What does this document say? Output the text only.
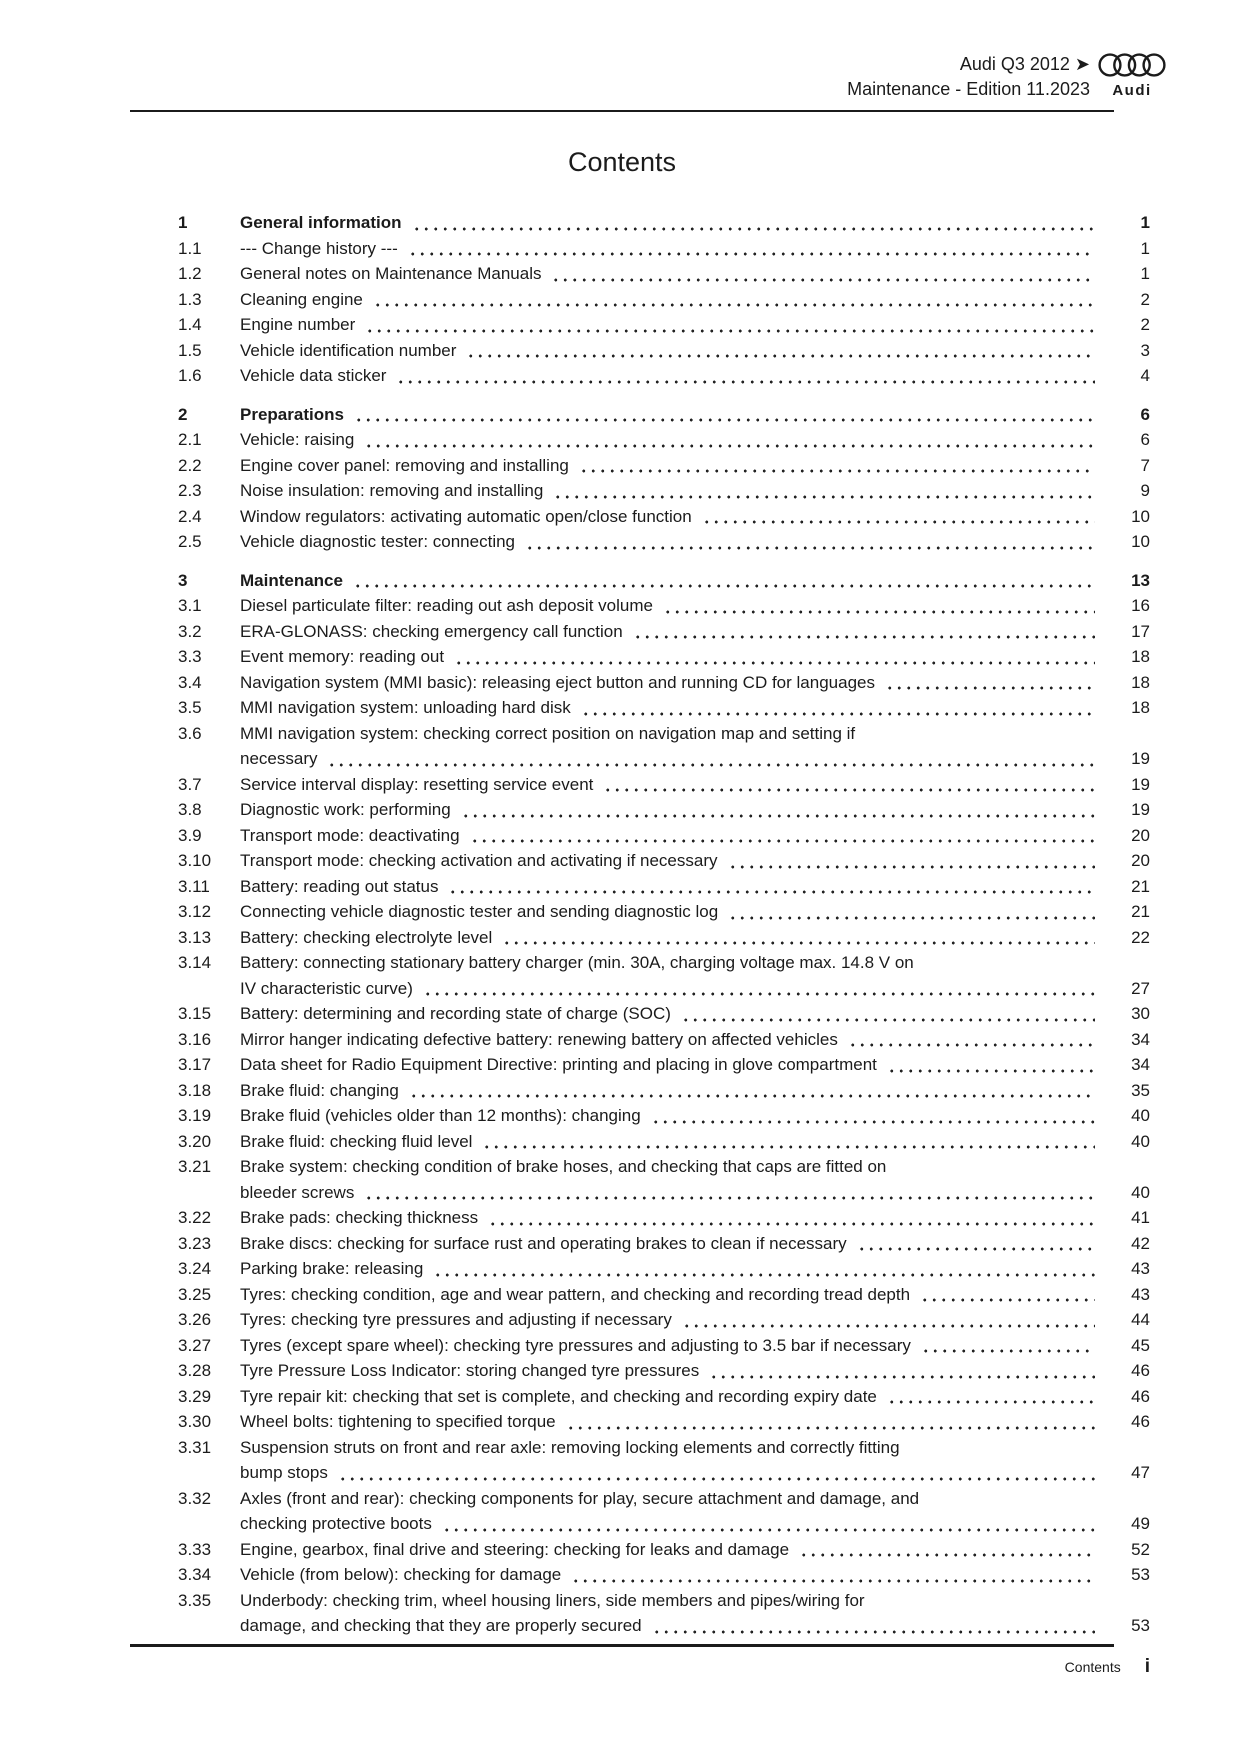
Audi Q3 2012 ➤
Maintenance - Edition 11.2023	Audi
Contents
1	General information	1
1.1	--- Change history ---	1
1.2	General notes on Maintenance Manuals	1
1.3	Cleaning engine	2
1.4	Engine number	2
1.5	Vehicle identification number	3
1.6	Vehicle data sticker	4
2	Preparations	6
2.1	Vehicle: raising	6
2.2	Engine cover panel: removing and installing	7
2.3	Noise insulation: removing and installing	9
2.4	Window regulators: activating automatic open/close function	10
2.5	Vehicle diagnostic tester: connecting	10
3	Maintenance	13
3.1	Diesel particulate filter: reading out ash deposit volume	16
3.2	ERA-GLONASS: checking emergency call function	17
3.3	Event memory: reading out	18
3.4	Navigation system (MMI basic): releasing eject button and running CD for languages	18
3.5	MMI navigation system: unloading hard disk	18
3.6	MMI navigation system: checking correct position on navigation map and setting if
necessary	19
3.7	Service interval display: resetting service event	19
3.8	Diagnostic work: performing	19
3.9	Transport mode: deactivating	20
3.10	Transport mode: checking activation and activating if necessary	20
3.11	Battery: reading out status	21
3.12	Connecting vehicle diagnostic tester and sending diagnostic log	21
3.13	Battery: checking electrolyte level	22
3.14	Battery: connecting stationary battery charger (min. 30A, charging voltage max. 14.8 V on
IV characteristic curve)	27
3.15	Battery: determining and recording state of charge (SOC)	30
3.16	Mirror hanger indicating defective battery: renewing battery on affected vehicles	34
3.17	Data sheet for Radio Equipment Directive: printing and placing in glove compartment	34
3.18	Brake fluid: changing	35
3.19	Brake fluid (vehicles older than 12 months): changing	40
3.20	Brake fluid: checking fluid level	40
3.21	Brake system: checking condition of brake hoses, and checking that caps are fitted on
bleeder screws	40
3.22	Brake pads: checking thickness	41
3.23	Brake discs: checking for surface rust and operating brakes to clean if necessary	42
3.24	Parking brake: releasing	43
3.25	Tyres: checking condition, age and wear pattern, and checking and recording tread depth	43
3.26	Tyres: checking tyre pressures and adjusting if necessary	44
3.27	Tyres (except spare wheel): checking tyre pressures and adjusting to 3.5 bar if necessary	45
3.28	Tyre Pressure Loss Indicator: storing changed tyre pressures	46
3.29	Tyre repair kit: checking that set is complete, and checking and recording expiry date	46
3.30	Wheel bolts: tightening to specified torque	46
3.31	Suspension struts on front and rear axle: removing locking elements and correctly fitting
bump stops	47
3.32	Axles (front and rear): checking components for play, secure attachment and damage, and
checking protective boots	49
3.33	Engine, gearbox, final drive and steering: checking for leaks and damage	52
3.34	Vehicle (from below): checking for damage	53
3.35	Underbody: checking trim, wheel housing liners, side members and pipes/wiring for
damage, and checking that they are properly secured	53
Contents i
